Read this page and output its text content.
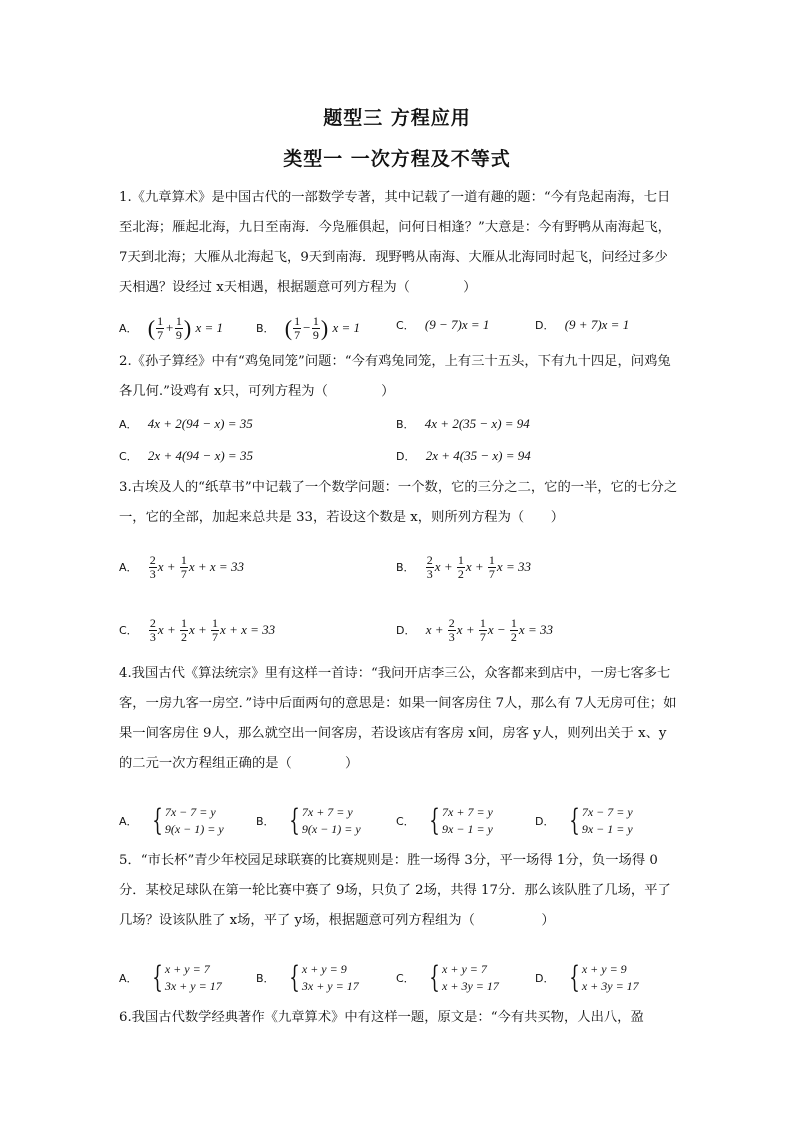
题型三 方程应用
类型一 一次方程及不等式

1.《九章算术》是中国古代的一部数学专著，其中记载了一道有趣的题：“今有凫起南海，七日至北海；雁起北海，九日至南海．今凫雁俱起，问何日相逢？”大意是：今有野鸭从南海起飞，7天到北海；大雁从北海起飞，9天到南海．现野鸭从南海、大雁从北海同时起飞，问经过多少天相遇？设经过 x天相遇，根据题意可列方程为（　　　　）

A． ( $\frac{1}{7} + \frac{1}{9}$ ) x = 1	B． ( $\frac{1}{7} - \frac{1}{9}$ ) x = 1	C． (9 − 7)x = 1	D． (9 + 7)x = 1

2.《孙子算经》中有“鸡兔同笼”问题：“今有鸡兔同笼，上有三十五头，下有九十四足，问鸡兔各几何.”设鸡有 x只，可列方程为（　　　　）

A． 4x + 2(94 − x) = 35	B． 4x + 2(35 − x) = 94
C． 2x + 4(94 − x) = 35	D． 2x + 4(35 − x) = 94

3.古埃及人的“纸草书”中记载了一个数学问题：一个数，它的三分之二，它的一半，它的七分之一，它的全部，加起来总共是 33，若设这个数是 x，则所列方程为（　　）

A． $\frac{2}{3}$ $x + \frac{1}{7}$ x + x = 33	B． $\frac{2}{3}$ $x + \frac{1}{2}$ $x + \frac{1}{7}$ x = 33
C． $\frac{2}{3}$ $x + \frac{1}{2}$ $x + \frac{1}{7}$ x + x = 33	D． $x + \frac{2}{3}$ $x + \frac{1}{7}$ $x - \frac{1}{2}$ x = 33

4.我国古代《算法统宗》里有这样一首诗：“我问开店李三公，众客都来到店中，一房七客多七客，一房九客一房空．”诗中后面两句的意思是：如果一间客房住 7人，那么有 7人无房可住；如果一间客房住 9人，那么就空出一间客房，若设该店有客房 x间，房客 y人，则列出关于 x、y的二元一次方程组正确的是（　　　　）

A． { 7x − 7 = y
9(x − 1) = y
B． { 7x + 7 = y
9(x − 1) = y
C． { 7x + 7 = y
9x − 1 = y
D． { 7x − 7 = y
9x − 1 = y

5．“市长杯”青少年校园足球联赛的比赛规则是：胜一场得 3分，平一场得 1分，负一场得 0分．某校足球队在第一轮比赛中赛了 9场，只负了 2场，共得 17分．那么该队胜了几场，平了几场？设该队胜了 x场，平了 y场，根据题意可列方程组为（　　　　　）

A． { x + y = 7
3x + y = 17
B． { x + y = 9
3x + y = 17
C． { x + y = 7
x + 3y = 17
D． { x + y = 9
x + 3y = 17

6.我国古代数学经典著作《九章算术》中有这样一题，原文是：“今有共买物，人出八，盈
